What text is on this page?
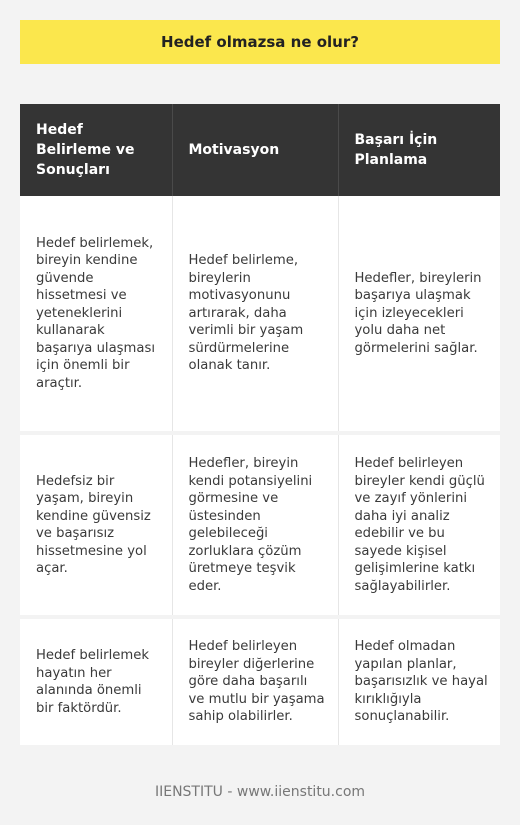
Hedef olmazsa ne olur?
Hedef Belirleme ve Sonuçları	Motivasyon	Başarı İçin Planlama
Hedef belirlemek, bireyin kendine güvende hissetmesi ve yeteneklerini kullanarak başarıya ulaşması için önemli bir araçtır.	Hedef belirleme, bireylerin motivasyonunu artırarak, daha verimli bir yaşam sürdürmelerine olanak tanır.	Hedefler, bireylerin başarıya ulaşmak için izleyecekleri yolu daha net görmelerini sağlar.
Hedefsiz bir yaşam, bireyin kendine güvensiz ve başarısız hissetmesine yol açar.	Hedefler, bireyin kendi potansiyelini görmesine ve üstesinden gelebileceği zorluklara çözüm üretmeye teşvik eder.	Hedef belirleyen bireyler kendi güçlü ve zayıf yönlerini daha iyi analiz edebilir ve bu sayede kişisel gelişimlerine katkı sağlayabilirler.
Hedef belirlemek hayatın her alanında önemli bir faktördür.	Hedef belirleyen bireyler diğerlerine göre daha başarılı ve mutlu bir yaşama sahip olabilirler.	Hedef olmadan yapılan planlar, başarısızlık ve hayal kırıklığıyla sonuçlanabilir.
IIENSTITU - www.iienstitu.com
